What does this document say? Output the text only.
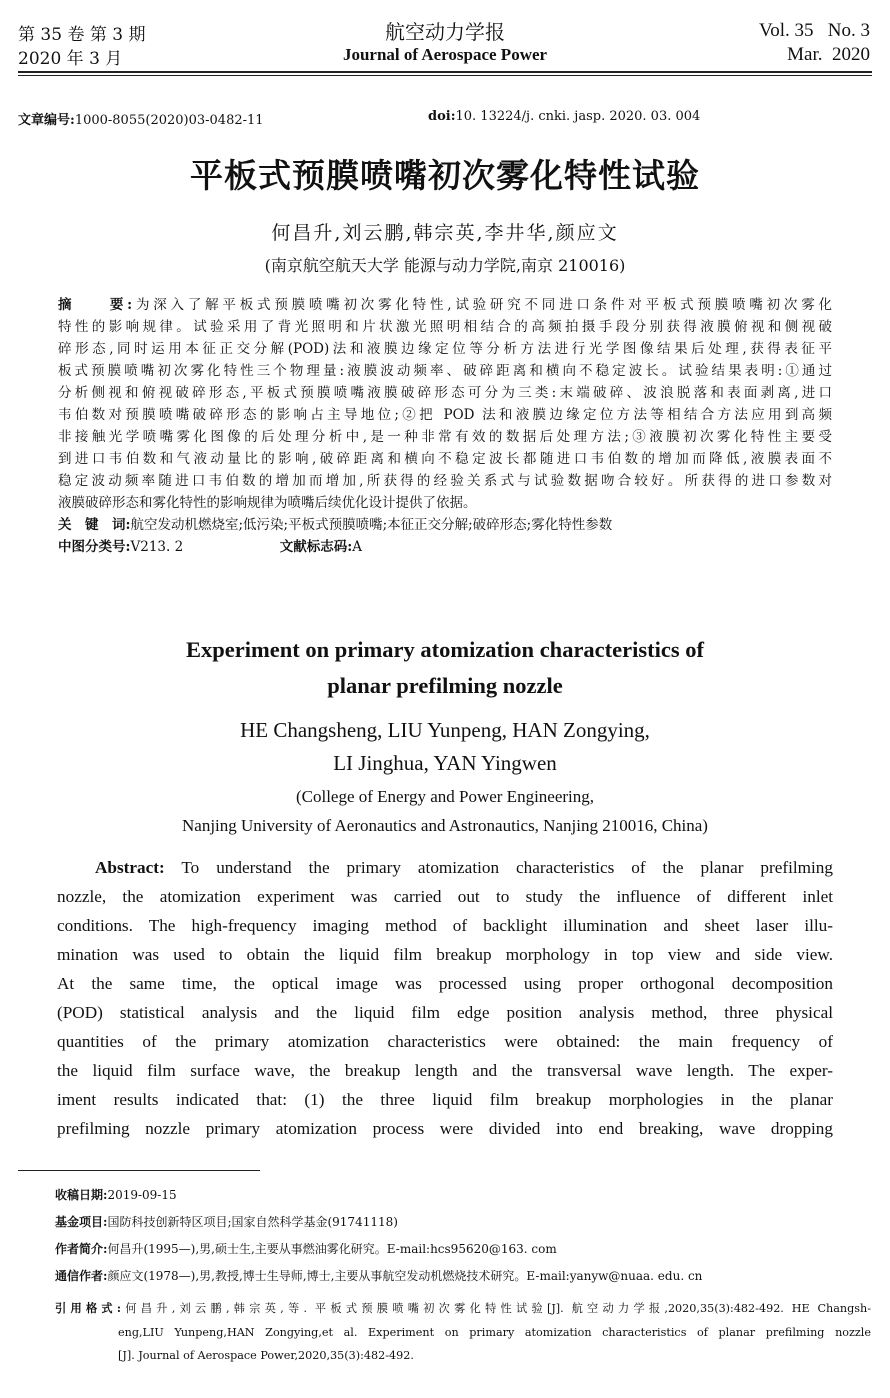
第 35 卷 第 3 期
2020 年 3 月
航空动力学报
Journal of Aerospace Power
Vol. 35   No. 3
Mar.  2020
文章编号:1000-8055(2020)03-0482-11	doi:10. 13224/j. cnki. jasp. 2020. 03. 004
平板式预膜喷嘴初次雾化特性试验
何昌升,刘云鹏,韩宗英,李井华,颜应文
(南京航空航天大学 能源与动力学院,南京 210016)
摘　　要:为深入了解平板式预膜喷嘴初次雾化特性,试验研究不同进口条件对平板式预膜喷嘴初次雾化
特性的影响规律。试验采用了背光照明和片状激光照明相结合的高频拍摄手段分别获得液膜俯视和侧视破
碎形态,同时运用本征正交分解(POD)法和液膜边缘定位等分析方法进行光学图像结果后处理,获得表征平
板式预膜喷嘴初次雾化特性三个物理量:液膜波动频率、破碎距离和横向不稳定波长。试验结果表明:①通过
分析侧视和俯视破碎形态,平板式预膜喷嘴液膜破碎形态可分为三类:末端破碎、波浪脱落和表面剥离,进口
韦伯数对预膜喷嘴破碎形态的影响占主导地位;②把 POD 法和液膜边缘定位方法等相结合方法应用到高频
非接触光学喷嘴雾化图像的后处理分析中,是一种非常有效的数据后处理方法;③液膜初次雾化特性主要受
到进口韦伯数和气液动量比的影响,破碎距离和横向不稳定波长都随进口韦伯数的增加而降低,液膜表面不
稳定波动频率随进口韦伯数的增加而增加,所获得的经验关系式与试验数据吻合较好。所获得的进口参数对
液膜破碎形态和雾化特性的影响规律为喷嘴后续优化设计提供了依据。
关　键　词:航空发动机燃烧室;低污染;平板式预膜喷嘴;本征正交分解;破碎形态;雾化特性参数
中图分类号:V213. 2	文献标志码:A
Experiment on primary atomization characteristics of
planar prefilming nozzle
HE Changsheng, LIU Yunpeng, HAN Zongying,
LI Jinghua, YAN Yingwen
(College of Energy and Power Engineering,
Nanjing University of Aeronautics and Astronautics, Nanjing 210016, China)
Abstract: To understand the primary atomization characteristics of the planar prefilming
nozzle, the atomization experiment was carried out to study the influence of different inlet
conditions. The high-frequency imaging method of backlight illumination and sheet laser illu-
mination was used to obtain the liquid film breakup morphology in top view and side view.
At the same time, the optical image was processed using proper orthogonal decomposition
(POD) statistical analysis and the liquid film edge position analysis method, three physical
quantities of the primary atomization characteristics were obtained: the main frequency of
the liquid film surface wave, the breakup length and the transversal wave length. The exper-
iment results indicated that: (1) the three liquid film breakup morphologies in the planar
prefilming nozzle primary atomization process were divided into end breaking, wave dropping
收稿日期:2019-09-15
基金项目:国防科技创新特区项目;国家自然科学基金(91741118)
作者简介:何昌升(1995—),男,硕士生,主要从事燃油雾化研究。E-mail:hcs95620@163. com
通信作者:颜应文(1978—),男,教授,博士生导师,博士,主要从事航空发动机燃烧技术研究。E-mail:yanyw@nuaa. edu. cn
引用格式:何昌升,刘云鹏,韩宗英,等. 平板式预膜喷嘴初次雾化特性试验[J]. 航空动力学报,2020,35(3):482-492. HE Changsh-
eng,LIU Yunpeng,HAN Zongying,et al. Experiment on primary atomization characteristics of planar prefilming nozzle
[J]. Journal of Aerospace Power,2020,35(3):482-492.
